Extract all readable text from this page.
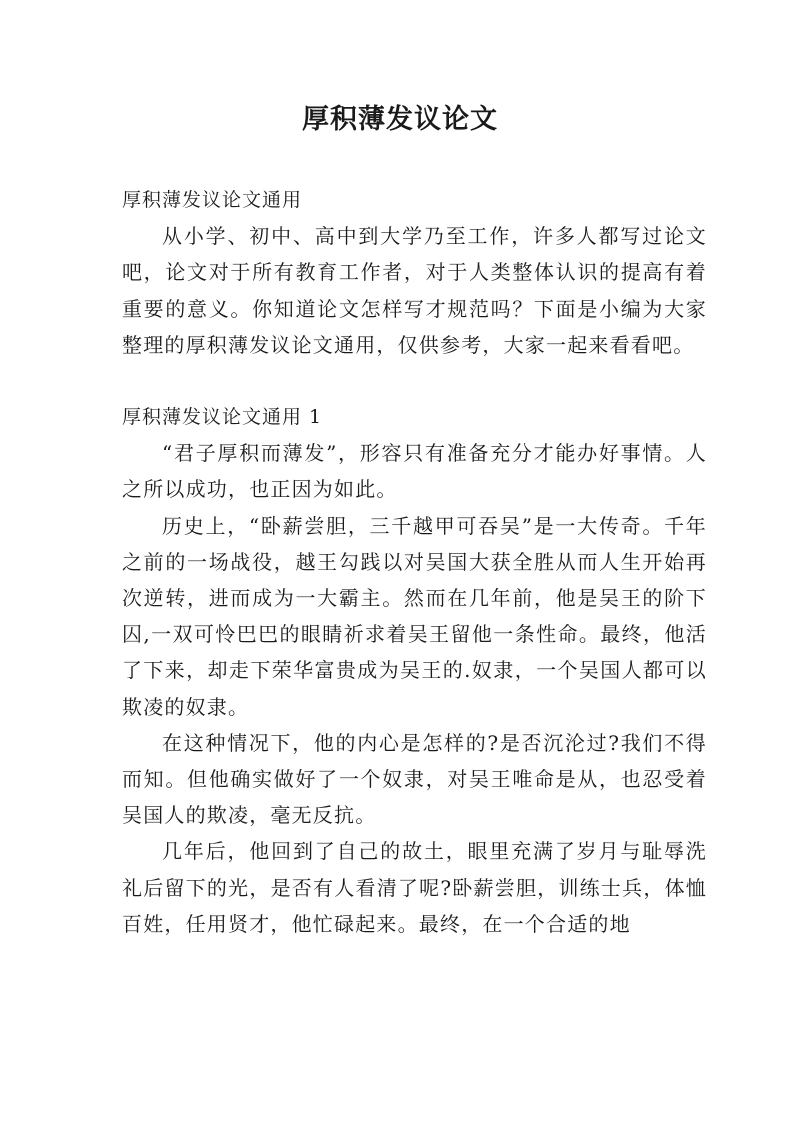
厚积薄发议论文

厚积薄发议论文通用

从小学、初中、高中到大学乃至工作，许多人都写过论文吧，论文对于所有教育工作者，对于人类整体认识的提高有着重要的意义。你知道论文怎样写才规范吗？下面是小编为大家整理的厚积薄发议论文通用，仅供参考，大家一起来看看吧。

厚积薄发议论文通用 1

“君子厚积而薄发”，形容只有准备充分才能办好事情。人之所以成功，也正因为如此。

历史上，“卧薪尝胆，三千越甲可吞吴”是一大传奇。千年之前的一场战役，越王勾践以对吴国大获全胜从而人生开始再次逆转，进而成为一大霸主。然而在几年前，他是吴王的阶下囚,一双可怜巴巴的眼睛祈求着吴王留他一条性命。最终，他活了下来，却走下荣华富贵成为吴王的.奴隶，一个吴国人都可以欺凌的奴隶。

在这种情况下，他的内心是怎样的?是否沉沦过?我们不得而知。但他确实做好了一个奴隶，对吴王唯命是从，也忍受着吴国人的欺凌，毫无反抗。

几年后，他回到了自己的故土，眼里充满了岁月与耻辱洗礼后留下的光，是否有人看清了呢?卧薪尝胆，训练士兵，体恤百姓，任用贤才，他忙碌起来。最终，在一个合适的地
